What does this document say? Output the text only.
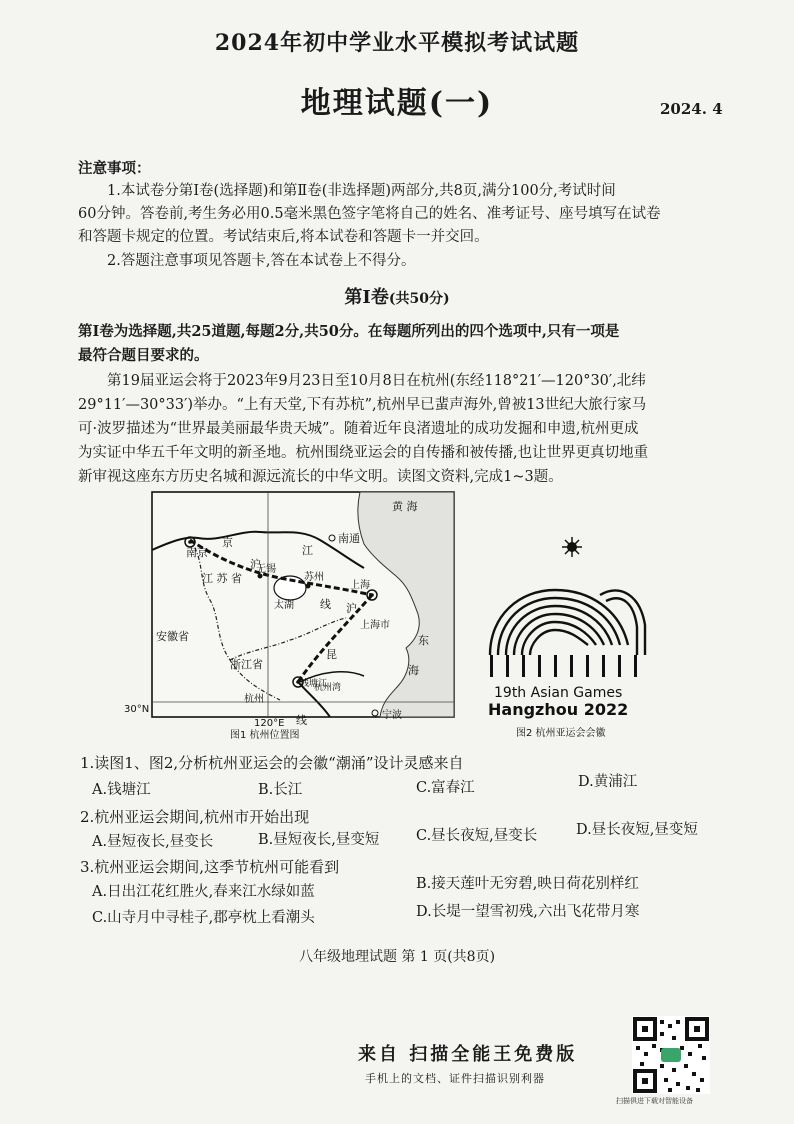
2024年初中学业水平模拟考试试题
地理试题(一)	2024. 4
注意事项：
1.本试卷分第Ⅰ卷(选择题)和第Ⅱ卷(非选择题)两部分,共8页,满分100分,考试时间
60分钟。答卷前,考生务必用0.5毫米黑色签字笔将自己的姓名、准考证号、座号填写在试卷
和答题卡规定的位置。考试结束后,将本试卷和答题卡一并交回。
2.答题注意事项见答题卡,答在本试卷上不得分。
第Ⅰ卷(共50分)
第Ⅰ卷为选择题,共25道题,每题2分,共50分。在每题所列出的四个选项中,只有一项是
最符合题目要求的。
第19届亚运会将于2023年9月23日至10月8日在杭州(东经118°21′—120°30′,北纬
29°11′—30°33′)举办。“上有天堂,下有苏杭”,杭州早已蜚声海外,曾被13世纪大旅行家马
可·波罗描述为“世界最美丽最华贵天城”。随着近年良渚遗址的成功发掘和申遗,杭州更成
为实证中华五千年文明的新圣地。杭州围绕亚运会的自传播和被传播,也让世界更真切地重
新审视这座东方历史名城和源远流长的中华文明。读图文资料,完成1~3题。
黄 海
南通
南京
京
沪
江
无锡
江 苏 省	苏州
上海
太湖 线 沪
安徽省
上海市
东
昆
浙江省	海
钱塘江
杭州
杭州湾
30°N
120°E 线	宁波
图1 杭州位置图
19th Asian Games
Hangzhou 2022
图2 杭州亚运会会徽
1.读图1、图2,分析杭州亚运会的会徽“潮涌”设计灵感来自
A.钱塘江	B.长江	C.富春江	D.黄浦江
2.杭州亚运会期间,杭州市开始出现
A.昼短夜长,昼变长	B.昼短夜长,昼变短	C.昼长夜短,昼变长	D.昼长夜短,昼变短
3.杭州亚运会期间,这季节杭州可能看到
A.日出江花红胜火,春来江水绿如蓝	B.接天莲叶无穷碧,映日荷花别样红
C.山寺月中寻桂子,郡亭枕上看潮头	D.长堤一望雪初残,六出飞花带月寒
八年级地理试题 第 1 页(共8页)
来自 扫描全能王免费版
手机上的文档、证件扫描识别利器
扫描俱进下载对智能设备
